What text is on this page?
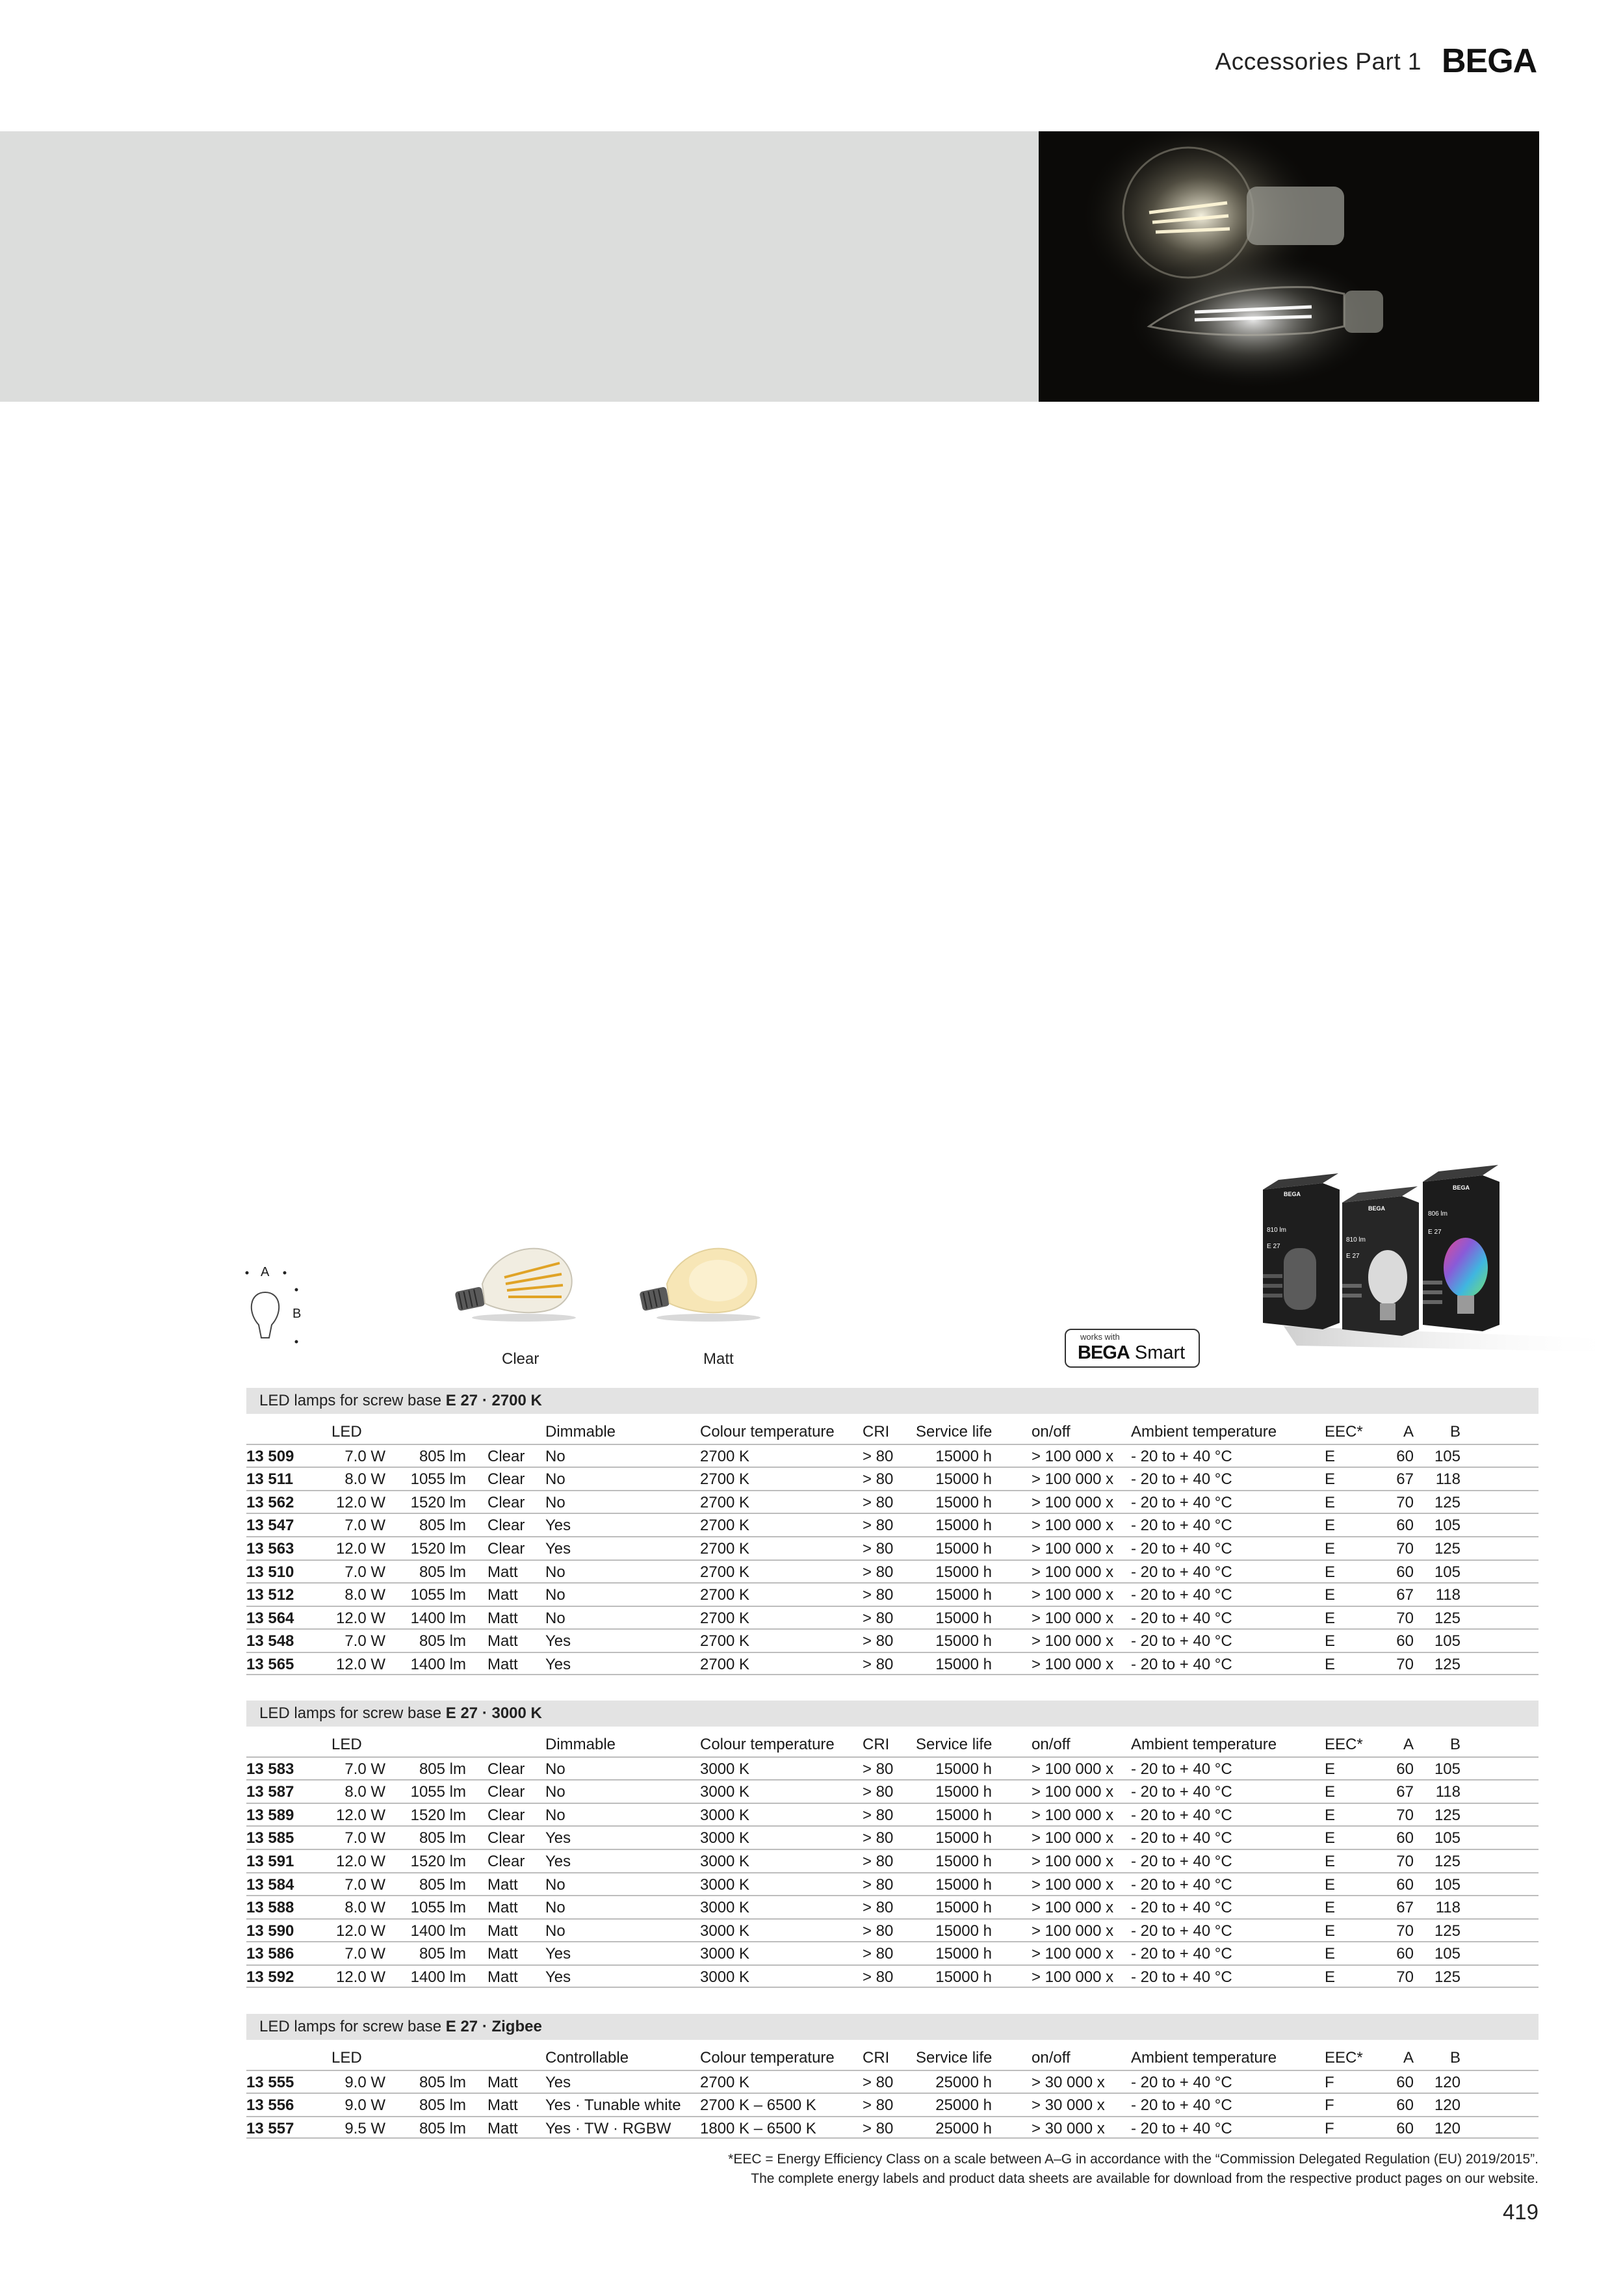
Accessories Part 1 BEGA
A
B
Clear	Matt
BEGA
810 lm
E 27
BEGA
810 lm
E 27
BEGA
806 lm
E 27
works with
BEGA Smart
LED lamps for screw base E 27 · 2700 K
LED	Dimmable	Colour temperature CRI Service life	on/off	Ambient temperature	EEC*	A B
13 509	7.0 W 805 lm Clear No	2700 K	> 80	15000 h	> 100 000 x - 20 to + 40 °C	E	60 105
13 511	8.0 W 1055 lm Clear No	2700 K	> 80	15000 h	> 100 000 x - 20 to + 40 °C	E	67 118
13 562	12.0 W 1520 lm Clear No	2700 K	> 80	15000 h	> 100 000 x - 20 to + 40 °C	E	70 125
13 547	7.0 W 805 lm Clear Yes	2700 K	> 80	15000 h	> 100 000 x - 20 to + 40 °C	E	60 105
13 563	12.0 W 1520 lm Clear Yes	2700 K	> 80	15000 h	> 100 000 x - 20 to + 40 °C	E	70 125
13 510	7.0 W 805 lm Matt No	2700 K	> 80	15000 h	> 100 000 x - 20 to + 40 °C	E	60 105
13 512	8.0 W 1055 lm Matt No	2700 K	> 80	15000 h	> 100 000 x - 20 to + 40 °C	E	67 118
13 564	12.0 W 1400 lm Matt No	2700 K	> 80	15000 h	> 100 000 x - 20 to + 40 °C	E	70 125
13 548	7.0 W 805 lm Matt Yes	2700 K	> 80	15000 h	> 100 000 x - 20 to + 40 °C	E	60 105
13 565	12.0 W 1400 lm Matt Yes	2700 K	> 80	15000 h	> 100 000 x - 20 to + 40 °C	E	70 125
LED lamps for screw base E 27 · 3000 K
LED	Dimmable	Colour temperature CRI Service life	on/off	Ambient temperature	EEC*	A B
13 583	7.0 W 805 lm Clear No	3000 K	> 80	15000 h	> 100 000 x - 20 to + 40 °C	E	60 105
13 587	8.0 W 1055 lm Clear No	3000 K	> 80	15000 h	> 100 000 x - 20 to + 40 °C	E	67 118
13 589	12.0 W 1520 lm Clear No	3000 K	> 80	15000 h	> 100 000 x - 20 to + 40 °C	E	70 125
13 585	7.0 W 805 lm Clear Yes	3000 K	> 80	15000 h	> 100 000 x - 20 to + 40 °C	E	60 105
13 591	12.0 W 1520 lm Clear Yes	3000 K	> 80	15000 h	> 100 000 x - 20 to + 40 °C	E	70 125
13 584	7.0 W 805 lm Matt No	3000 K	> 80	15000 h	> 100 000 x - 20 to + 40 °C	E	60 105
13 588	8.0 W 1055 lm Matt No	3000 K	> 80	15000 h	> 100 000 x - 20 to + 40 °C	E	67 118
13 590	12.0 W 1400 lm Matt No	3000 K	> 80	15000 h	> 100 000 x - 20 to + 40 °C	E	70 125
13 586	7.0 W 805 lm Matt Yes	3000 K	> 80	15000 h	> 100 000 x - 20 to + 40 °C	E	60 105
13 592	12.0 W 1400 lm Matt Yes	3000 K	> 80	15000 h	> 100 000 x - 20 to + 40 °C	E	70 125
LED lamps for screw base E 27 · Zigbee
LED	Controllable	Colour temperature CRI Service life	on/off	Ambient temperature	EEC*	A B
13 555	9.0 W 805 lm Matt Yes	2700 K	> 80	25000 h	> 30 000 x - 20 to + 40 °C	F	60 120
13 556	9.0 W 805 lm Matt Yes · Tunable white 2700 K – 6500 K	> 80	25000 h	> 30 000 x - 20 to + 40 °C	F	60 120
13 557	9.5 W 805 lm Matt Yes · TW · RGBW 1800 K – 6500 K	> 80	25000 h	> 30 000 x - 20 to + 40 °C	F	60 120
*EEC = Energy Efficiency Class on a scale between A–G in accordance with the “Commission Delegated Regulation (EU) 2019/2015”.
The complete energy labels and product data sheets are available for download from the respective product pages on our website.
419
